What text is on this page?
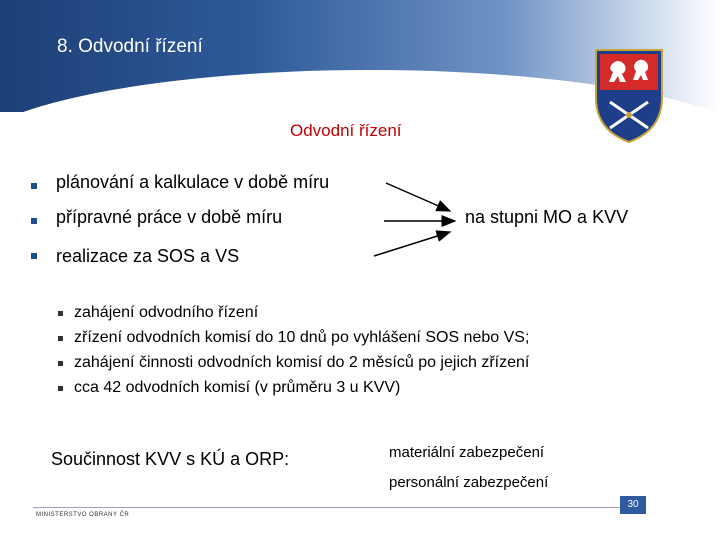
8. Odvodní řízení
Odvodní řízení
plánování a kalkulace v době míru
přípravné práce v době míru
realizace za SOS a VS
na stupni MO a KVV
zahájení odvodního řízení
zřízení odvodních komisí do 10 dnů po vyhlášení SOS nebo VS;
zahájení činnosti odvodních komisí do 2 měsíců po jejich zřízení
cca 42 odvodních komisí (v průměru 3 u KVV)
Součinnost KVV s KÚ a ORP:	materiální zabezpečení
personální zabezpečení
MINISTERSTVO OBRANY ČR
30
